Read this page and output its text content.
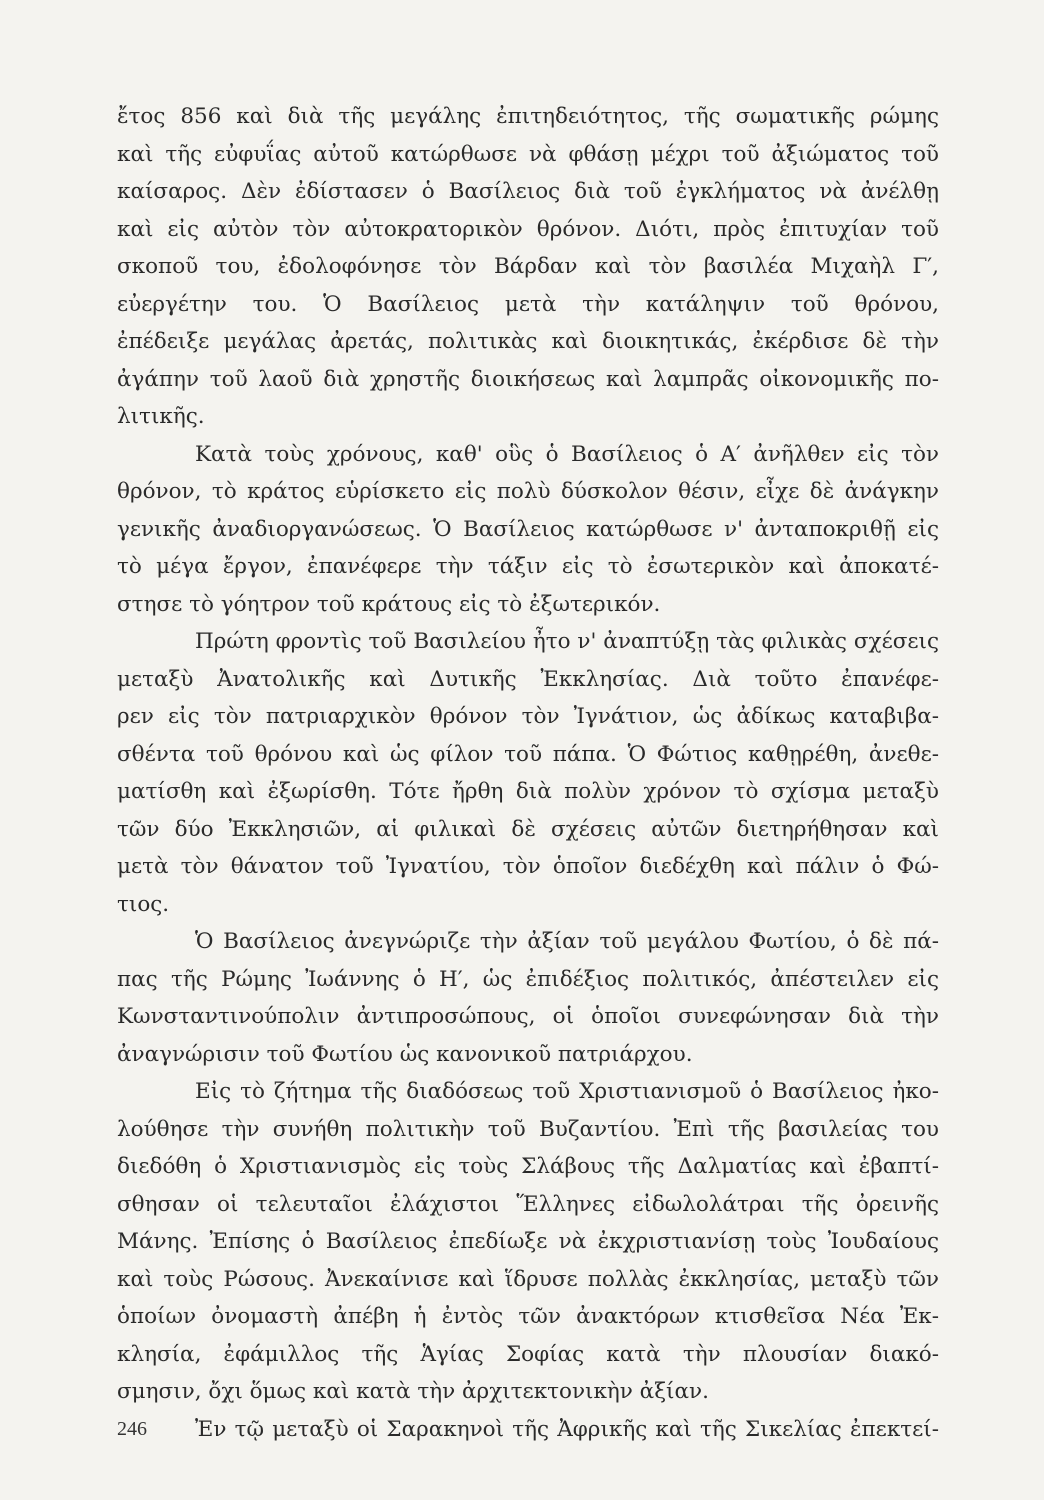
ἔτος 856 καὶ διὰ τῆς μεγάλης ἐπιτηδειότητος, τῆς σωματικῆς ρώμης
καὶ τῆς εὐφυΐας αὐτοῦ κατώρθωσε νὰ φθάσῃ μέχρι τοῦ ἀξιώματος τοῦ
καίσαρος. Δὲν ἐδίστασεν ὁ Βασίλειος διὰ τοῦ ἐγκλήματος νὰ ἀνέλθῃ
καὶ εἰς αὐτὸν τὸν αὐτοκρατορικὸν θρόνον. Διότι, πρὸς ἐπιτυχίαν τοῦ
σκοποῦ του, ἐδολοφόνησε τὸν Βάρδαν καὶ τὸν βασιλέα Μιχαὴλ Γ′,
εὐεργέτην του. Ὁ Βασίλειος μετὰ τὴν κατάληψιν τοῦ θρόνου,
ἐπέδειξε μεγάλας ἀρετάς, πολιτικὰς καὶ διοικητικάς, ἐκέρδισε δὲ τὴν
ἀγάπην τοῦ λαοῦ διὰ χρηστῆς διοικήσεως καὶ λαμπρᾶς οἰκονομικῆς πο-
λιτικῆς.

Κατὰ τοὺς χρόνους, καθ' οὓς ὁ Βασίλειος ὁ Α′ ἀνῆλθεν εἰς τὸν
θρόνον, τὸ κράτος εὑρίσκετο εἰς πολὺ δύσκολον θέσιν, εἶχε δὲ ἀνάγκην
γενικῆς ἀναδιοργανώσεως. Ὁ Βασίλειος κατώρθωσε ν' ἀνταποκριθῇ εἰς
τὸ μέγα ἔργον, ἐπανέφερε τὴν τάξιν εἰς τὸ ἐσωτερικὸν καὶ ἀποκατέ-
στησε τὸ γόητρον τοῦ κράτους εἰς τὸ ἐξωτερικόν.

Πρώτη φροντὶς τοῦ Βασιλείου ἦτο ν' ἀναπτύξῃ τὰς φιλικὰς σχέσεις
μεταξὺ Ἀνατολικῆς καὶ Δυτικῆς Ἐκκλησίας. Διὰ τοῦτο ἐπανέφε-
ρεν εἰς τὸν πατριαρχικὸν θρόνον τὸν Ἰγνάτιον, ὡς ἀδίκως καταβιβα-
σθέντα τοῦ θρόνου καὶ ὡς φίλον τοῦ πάπα. Ὁ Φώτιος καθῃρέθη, ἀνεθε-
ματίσθη καὶ ἐξωρίσθη. Τότε ἤρθη διὰ πολὺν χρόνον τὸ σχίσμα μεταξὺ
τῶν δύο Ἐκκλησιῶν, αἱ φιλικαὶ δὲ σχέσεις αὐτῶν διετηρήθησαν καὶ
μετὰ τὸν θάνατον τοῦ Ἰγνατίου, τὸν ὁποῖον διεδέχθη καὶ πάλιν ὁ Φώ-
τιος.

Ὁ Βασίλειος ἀνεγνώριζε τὴν ἀξίαν τοῦ μεγάλου Φωτίου, ὁ δὲ πά-
πας τῆς Ρώμης Ἰωάννης ὁ Η′, ὡς ἐπιδέξιος πολιτικός, ἀπέστειλεν εἰς
Κωνσταντινούπολιν ἀντιπροσώπους, οἱ ὁποῖοι συνεφώνησαν διὰ τὴν
ἀναγνώρισιν τοῦ Φωτίου ὡς κανονικοῦ πατριάρχου.

Εἰς τὸ ζήτημα τῆς διαδόσεως τοῦ Χριστιανισμοῦ ὁ Βασίλειος ἠκο-
λούθησε τὴν συνήθη πολιτικὴν τοῦ Βυζαντίου. Ἐπὶ τῆς βασιλείας του
διεδόθη ὁ Χριστιανισμὸς εἰς τοὺς Σλάβους τῆς Δαλματίας καὶ ἐβαπτί-
σθησαν οἱ τελευταῖοι ἐλάχιστοι Ἕλληνες εἰδωλολάτραι τῆς ὀρεινῆς
Μάνης. Ἐπίσης ὁ Βασίλειος ἐπεδίωξε νὰ ἐκχριστιανίσῃ τοὺς Ἰουδαίους
καὶ τοὺς Ρώσους. Ἀνεκαίνισε καὶ ἵδρυσε πολλὰς ἐκκλησίας, μεταξὺ τῶν
ὁποίων ὀνομαστὴ ἀπέβη ἡ ἐντὸς τῶν ἀνακτόρων κτισθεῖσα Νέα Ἐκ-
κλησία, ἐφάμιλλος τῆς Ἁγίας Σοφίας κατὰ τὴν πλουσίαν διακό-
σμησιν, ὄχι ὅμως καὶ κατὰ τὴν ἀρχιτεκτονικὴν ἀξίαν.

Ἐν τῷ μεταξὺ οἱ Σαρακηνοὶ τῆς Ἀφρικῆς καὶ τῆς Σικελίας ἐπεκτεί-

246
